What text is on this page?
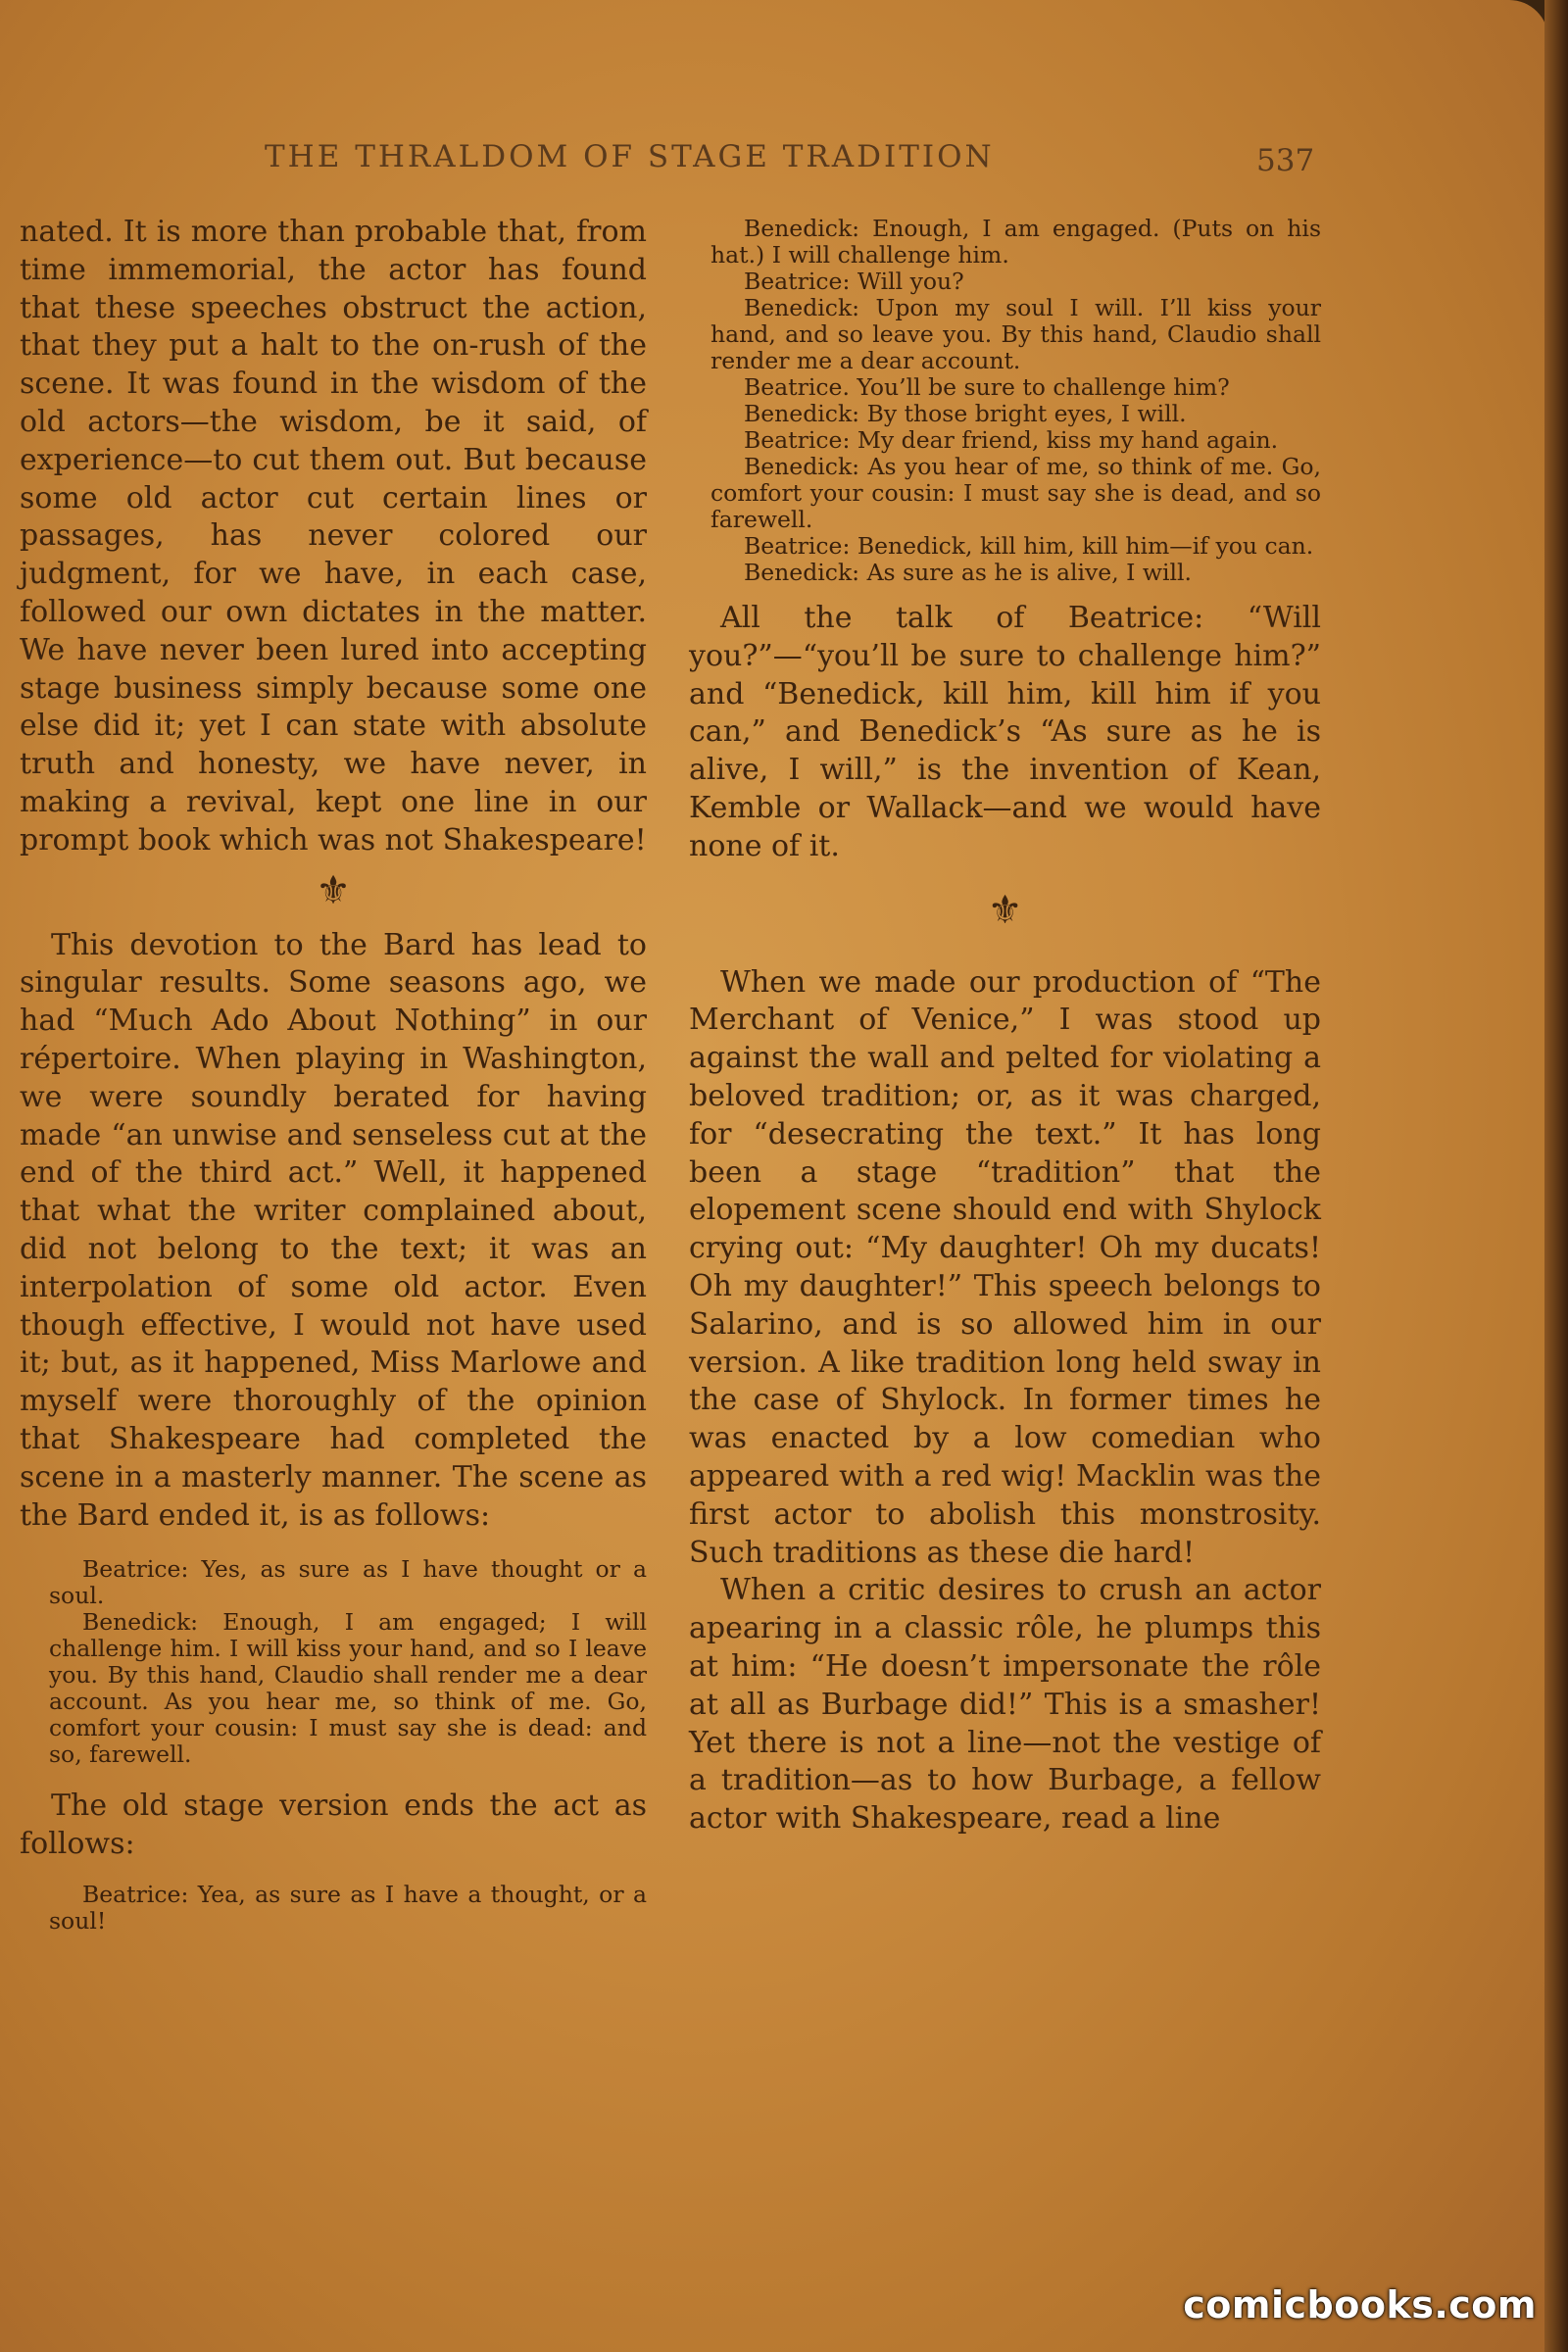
THE THRALDOM OF STAGE TRADITION	537

nated. It is more than probable that, from time immemorial, the actor has found that these speeches obstruct the action, that they put a halt to the on-rush of the scene. It was found in the wisdom of the old actors—the wisdom, be it said, of experience—to cut them out. But because some old actor cut certain lines or passages, has never colored our judgment, for we have, in each case, followed our own dictates in the matter. We have never been lured into accepting stage business simply because some one else did it; yet I can state with absolute truth and honesty, we have never, in making a revival, kept one line in our prompt book which was not Shakespeare!

⚜

This devotion to the Bard has lead to singular results. Some seasons ago, we had “Much Ado About Nothing” in our répertoire. When playing in Washington, we were soundly berated for having made “an unwise and senseless cut at the end of the third act.” Well, it happened that what the writer complained about, did not belong to the text; it was an interpolation of some old actor. Even though effective, I would not have used it; but, as it happened, Miss Marlowe and myself were thoroughly of the opinion that Shakespeare had completed the scene in a masterly manner. The scene as the Bard ended it, is as follows:

Beatrice: Yes, as sure as I have thought or a soul.

Benedick: Enough, I am engaged; I will challenge him. I will kiss your hand, and so I leave you. By this hand, Claudio shall render me a dear account. As you hear me, so think of me. Go, comfort your cousin: I must say she is dead: and so, farewell.

The old stage version ends the act as follows:

Beatrice: Yea, as sure as I have a thought, or a soul!

Benedick: Enough, I am engaged. (Puts on his hat.) I will challenge him.

Beatrice: Will you?

Benedick: Upon my soul I will. I’ll kiss your hand, and so leave you. By this hand, Claudio shall render me a dear account.

Beatrice. You’ll be sure to challenge him?

Benedick: By those bright eyes, I will.

Beatrice: My dear friend, kiss my hand again.

Benedick: As you hear of me, so think of me. Go, comfort your cousin: I must say she is dead, and so farewell.

Beatrice: Benedick, kill him, kill him—if you can.

Benedick: As sure as he is alive, I will.

All the talk of Beatrice: “Will you?”—“you’ll be sure to challenge him?” and “Benedick, kill him, kill him if you can,” and Benedick’s “As sure as he is alive, I will,” is the invention of Kean, Kemble or Wallack—and we would have none of it.

⚜

When we made our production of “The Merchant of Venice,” I was stood up against the wall and pelted for violating a beloved tradition; or, as it was charged, for “desecrating the text.” It has long been a stage “tradition” that the elopement scene should end with Shylock crying out: “My daughter! Oh my ducats! Oh my daughter!” This speech belongs to Salarino, and is so allowed him in our version. A like tradition long held sway in the case of Shylock. In former times he was enacted by a low comedian who appeared with a red wig! Macklin was the first actor to abolish this monstrosity. Such traditions as these die hard!

When a critic desires to crush an actor apearing in a classic rôle, he plumps this at him: “He doesn’t impersonate the rôle at all as Burbage did!” This is a smasher! Yet there is not a line—not the vestige of a tradition—as to how Burbage, a fellow actor with Shakespeare, read a line

comicbooks.com
